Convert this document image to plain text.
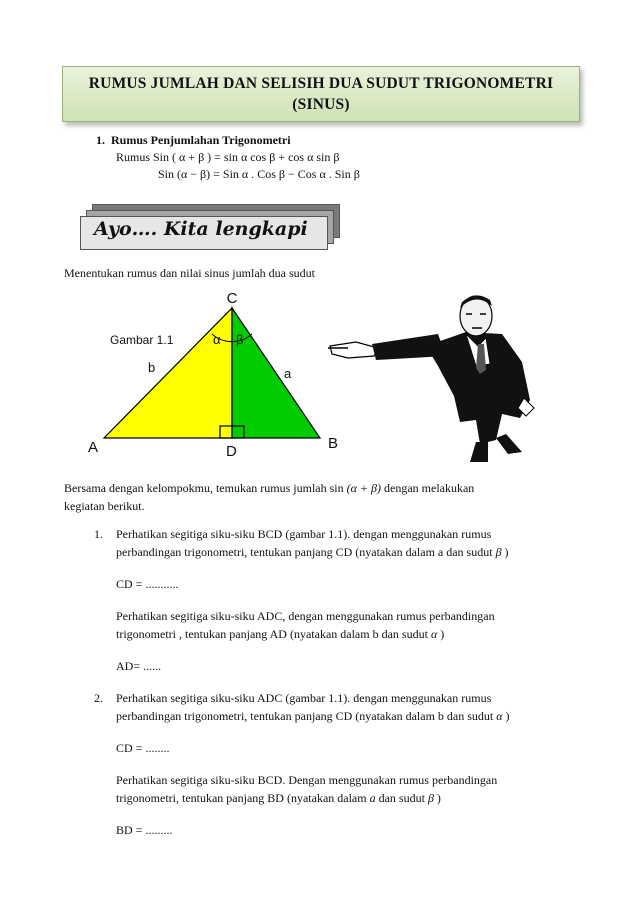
RUMUS JUMLAH DAN SELISIH DUA SUDUT TRIGONOMETRI
(SINUS)
1. Rumus Penjumlahan Trigonometri
Rumus Sin ( α + β ) = sin α cos β + cos α sin β
Sin (α − β) = Sin α . Cos β − Cos α . Sin β
Ayo…. Kita lengkapi
Menentukan rumus dan nilai sinus jumlah dua sudut
C
A	B
D
Gambar 1.1
b	a
α β
Bersama dengan kelompokmu, temukan rumus jumlah sin (α + β) dengan melakukan
kegiatan berikut.
1. Perhatikan segitiga siku-siku BCD (gambar 1.1). dengan menggunakan rumus
perbandingan trigonometri, tentukan panjang CD (nyatakan dalam a dan sudut β )

CD = ...........

Perhatikan segitiga siku-siku ADC, dengan menggunakan rumus perbandingan
trigonometri , tentukan panjang AD (nyatakan dalam b dan sudut α )

AD= ......

2. Perhatikan segitiga siku-siku ADC (gambar 1.1). dengan menggunakan rumus
perbandingan trigonometri, tentukan panjang CD (nyatakan dalam b dan sudut α )

CD = ........

Perhatikan segitiga siku-siku BCD. Dengan menggunakan rumus perbandingan
trigonometri, tentukan panjang BD (nyatakan dalam a dan sudut β )

BD = .........
